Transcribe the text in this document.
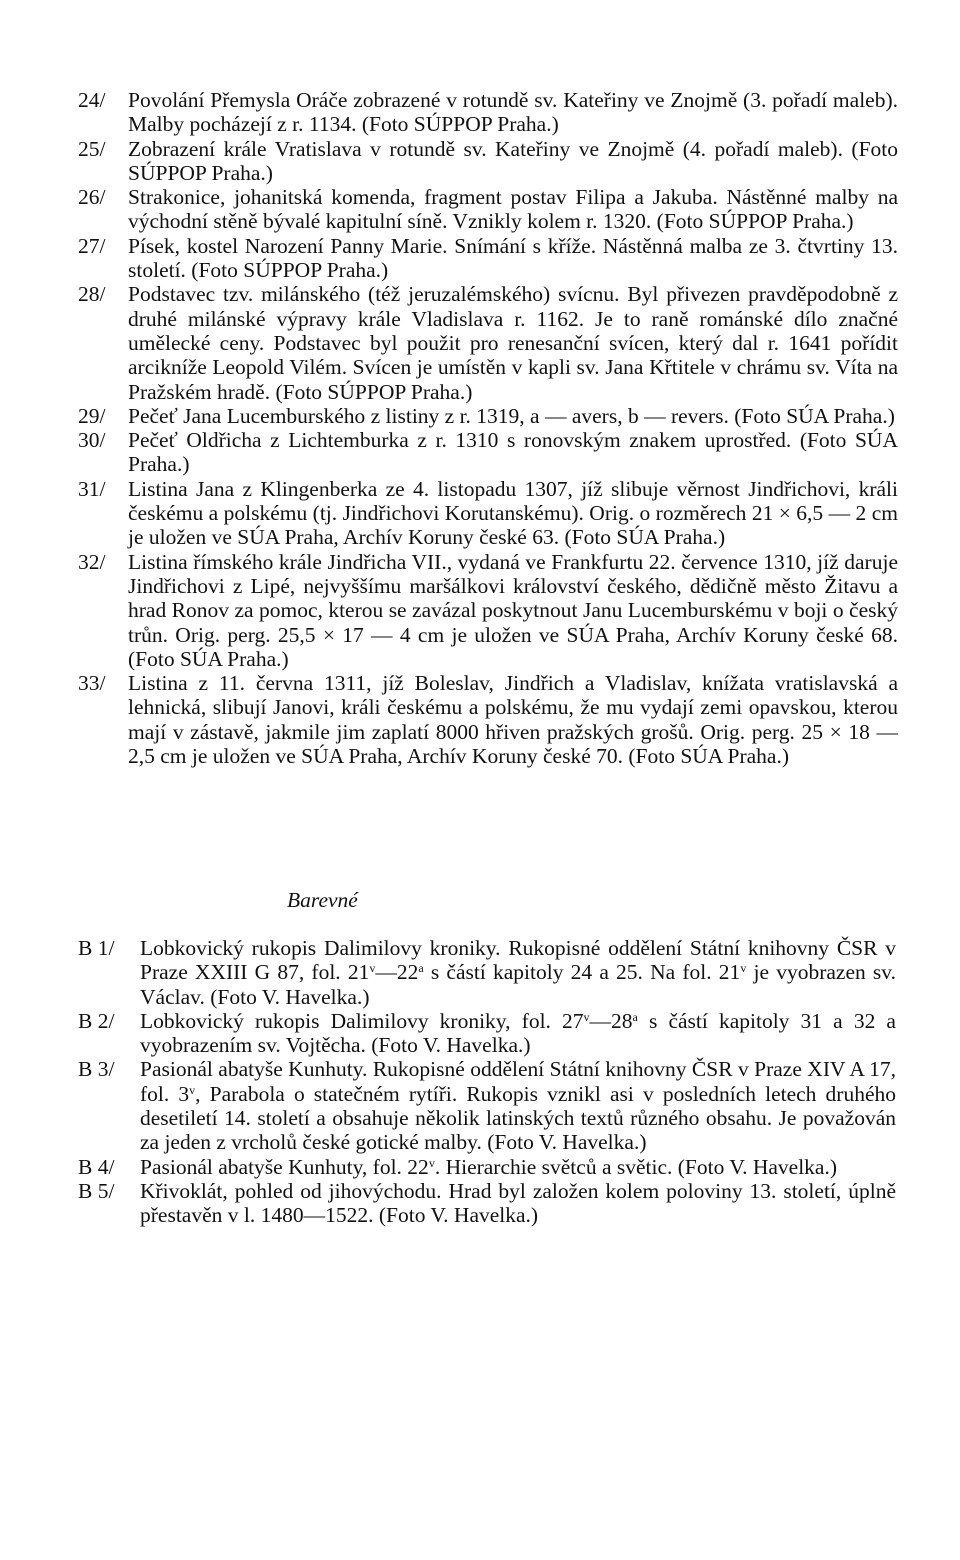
24/	Povolání Přemysla Oráče zobrazené v rotundě sv. Kateřiny ve Znojmě (3. pořadí maleb). Malby pocházejí z r. 1134. (Foto SÚPPOP Praha.)
25/	Zobrazení krále Vratislava v rotundě sv. Kateřiny ve Znojmě (4. pořadí maleb). (Foto SÚPPOP Praha.)
26/	Strakonice, johanitská komenda, fragment postav Filipa a Jakuba. Nástěnné malby na východní stěně bývalé kapitulní síně. Vznikly kolem r. 1320. (Foto SÚPPOP Praha.)
27/	Písek, kostel Narození Panny Marie. Snímání s kříže. Nástěnná malba ze 3. čtvrtiny 13. století. (Foto SÚPPOP Praha.)
28/	Podstavec tzv. milánského (též jeruzalémského) svícnu. Byl přivezen pravděpodobně z druhé milánské výpravy krále Vladislava r. 1162. Je to raně románské dílo značné umělecké ceny. Podstavec byl použit pro renesanční svícen, který dal r. 1641 pořídit arcikníže Leopold Vilém. Svícen je umístěn v kapli sv. Jana Křtitele v chrámu sv. Víta na Pražském hradě. (Foto SÚPPOP Praha.)
29/	Pečeť Jana Lucemburského z listiny z r. 1319, a — avers, b — revers. (Foto SÚA Praha.)
30/	Pečeť Oldřicha z Lichtemburka z r. 1310 s ronovským znakem uprostřed. (Foto SÚA Praha.)
31/	Listina Jana z Klingenberka ze 4. listopadu 1307, jíž slibuje věrnost Jindřichovi, králi českému a polskému (tj. Jindřichovi Korutanskému). Orig. o rozměrech 21 × 6,5 — 2 cm je uložen ve SÚA Praha, Archív Koruny české 63. (Foto SÚA Praha.)
32/	Listina římského krále Jindřicha VII., vydaná ve Frankfurtu 22. července 1310, jíž daruje Jindřichovi z Lipé, nejvyššímu maršálkovi království českého, dědičně město Žitavu a hrad Ronov za pomoc, kterou se zavázal poskytnout Janu Lucemburskému v boji o český trůn. Orig. perg. 25,5 × 17 — 4 cm je uložen ve SÚA Praha, Archív Koruny české 68. (Foto SÚA Praha.)
33/	Listina z 11. června 1311, jíž Boleslav, Jindřich a Vladislav, knížata vratislavská a lehnická, slibují Janovi, králi českému a polskému, že mu vydají zemi opavskou, kterou mají v zástavě, jakmile jim zaplatí 8000 hřiven pražských grošů. Orig. perg. 25 × 18 — 2,5 cm je uložen ve SÚA Praha, Archív Koruny české 70. (Foto SÚA Praha.)
Barevné
B 1/	Lobkovický rukopis Dalimilovy kroniky. Rukopisné oddělení Státní knihovny ČSR v Praze XXIII G 87, fol. 21$^v$—22$^a$ s částí kapitoly 24 a 25. Na fol. 21$^v$ je vyobrazen sv. Václav. (Foto V. Havelka.)
B 2/	Lobkovický rukopis Dalimilovy kroniky, fol. 27$^v$—28$^a$ s částí kapitoly 31 a 32 a vyobrazením sv. Vojtěcha. (Foto V. Havelka.)
B 3/	Pasionál abatyše Kunhuty. Rukopisné oddělení Státní knihovny ČSR v Praze XIV A 17, fol. 3$^v$, Parabola o statečném rytíři. Rukopis vznikl asi v posledních letech druhého desetiletí 14. století a obsahuje několik latinských textů různého obsahu. Je považován za jeden z vrcholů české gotické malby. (Foto V. Havelka.)
B 4/	Pasionál abatyše Kunhuty, fol. 22$^v$. Hierarchie světců a světic. (Foto V. Havelka.)
B 5/	Křivoklát, pohled od jihovýchodu. Hrad byl založen kolem poloviny 13. století, úplně přestavěn v l. 1480—1522. (Foto V. Havelka.)
